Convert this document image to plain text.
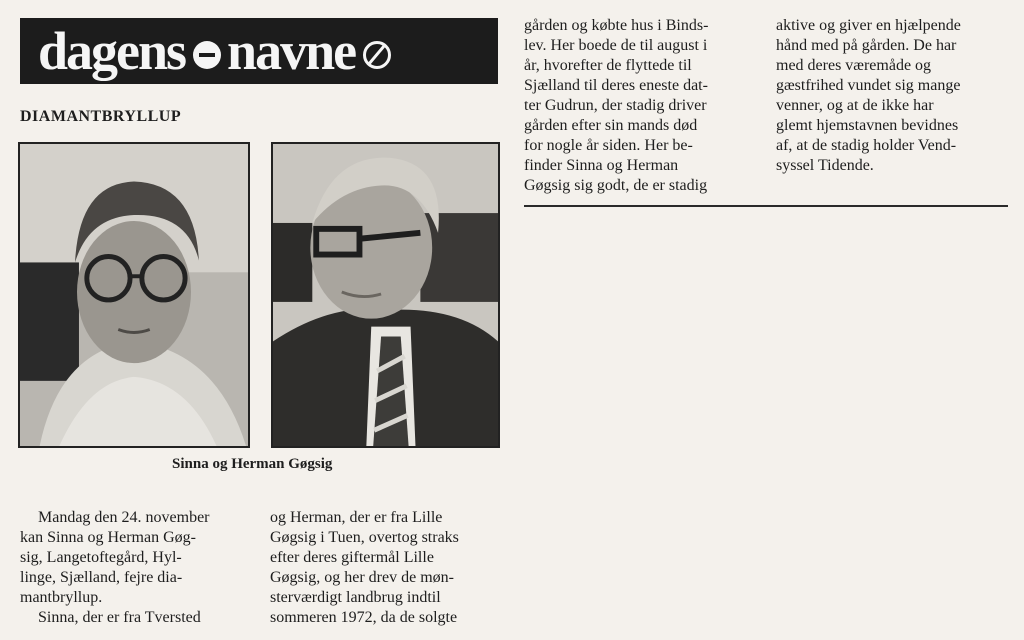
dagens navne
DIAMANTBRYLLUP
Sinna og Herman Gøgsig
Mandag den 24. november
kan Sinna og Herman Gøg-
sig, Langetoftegård, Hyl-
linge, Sjælland, fejre dia-
mantbryllup.
Sinna, der er fra Tversted
og Herman, der er fra Lille
Gøgsig i Tuen, overtog straks
efter deres giftermål Lille
Gøgsig, og her drev de møn-
sterværdigt landbrug indtil
sommeren 1972, da de solgte
gården og købte hus i Binds-
lev. Her boede de til august i
år, hvorefter de flyttede til
Sjælland til deres eneste dat-
ter Gudrun, der stadig driver
gården efter sin mands død
for nogle år siden. Her be-
finder Sinna og Herman
Gøgsig sig godt, de er stadig
aktive og giver en hjælpende
hånd med på gården. De har
med deres væremåde og
gæstfrihed vundet sig mange
venner, og at de ikke har
glemt hjemstavnen bevidnes
af, at de stadig holder Vend-
syssel Tidende.
